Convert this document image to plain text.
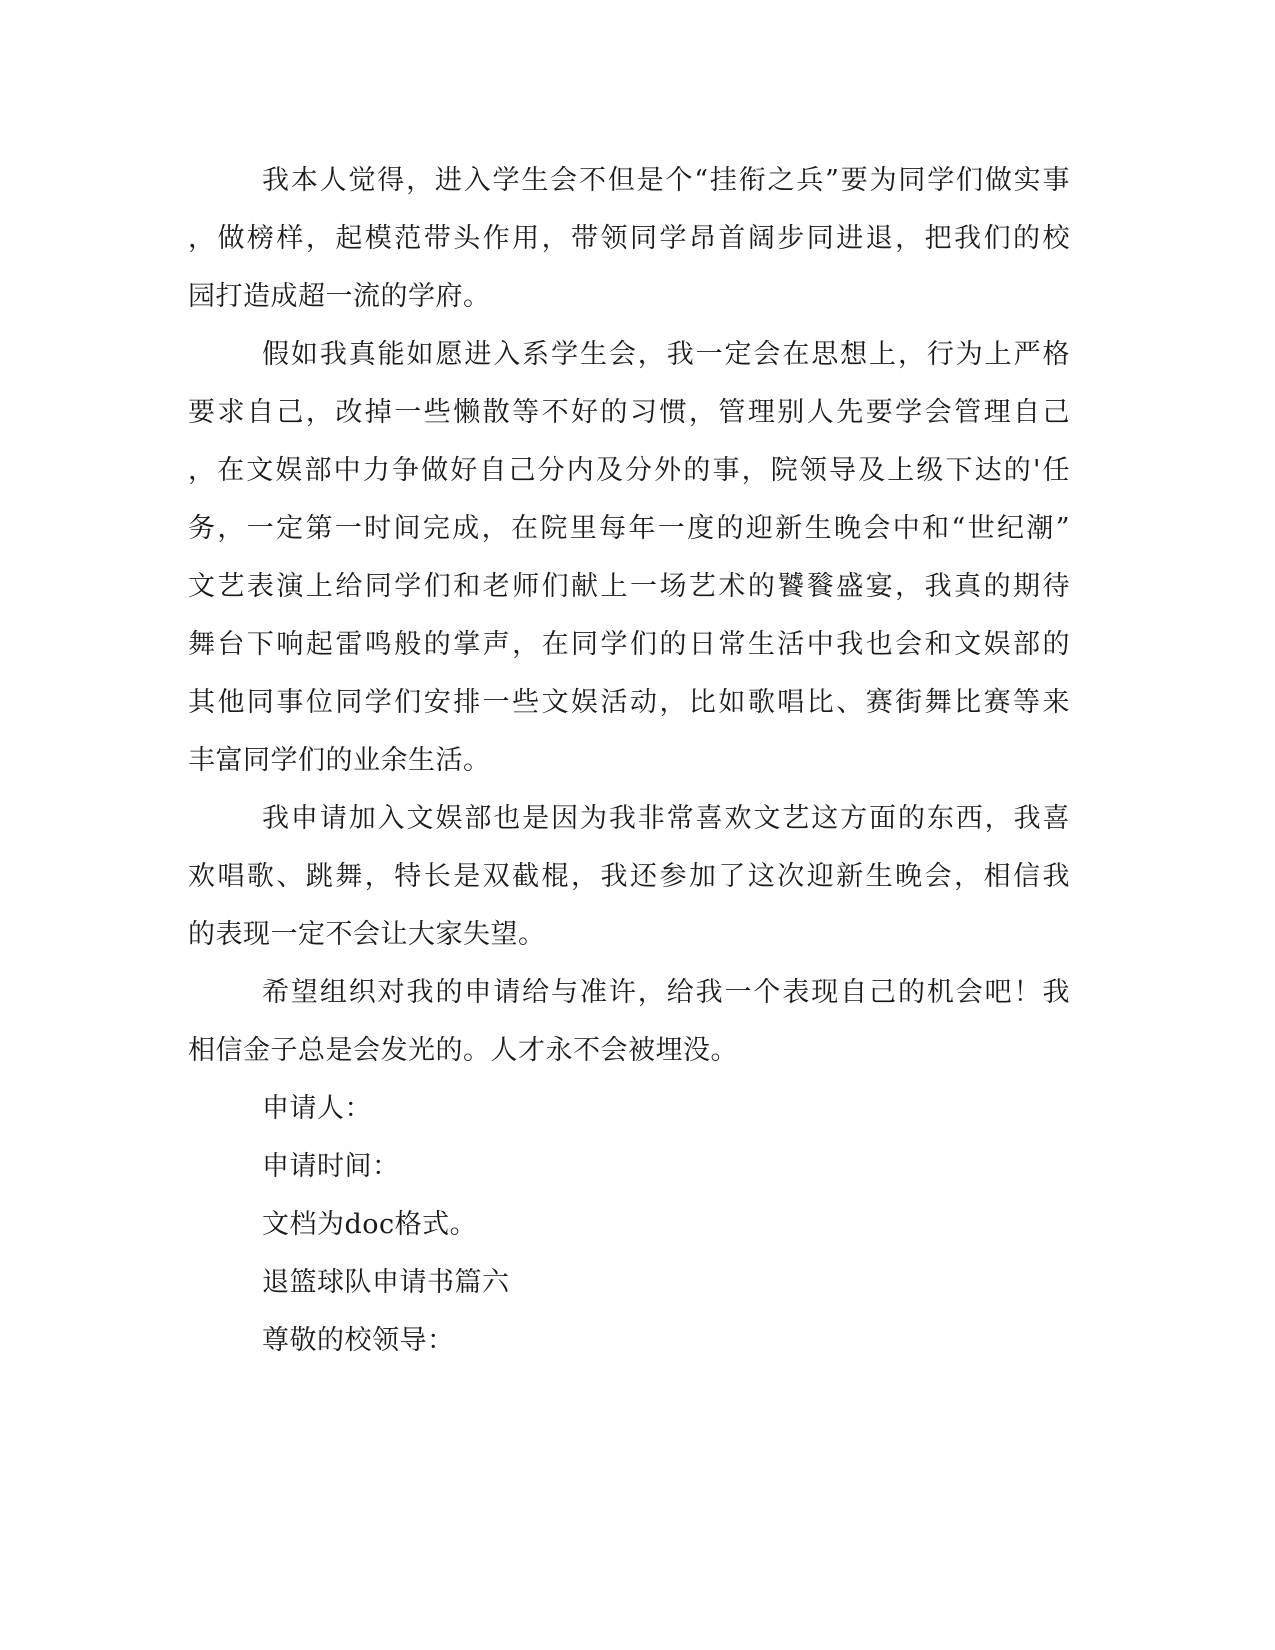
我本人觉得，进入学生会不但是个“挂衔之兵”要为同学们做实事

，做榜样，起模范带头作用，带领同学昂首阔步同进退，把我们的校

园打造成超一流的学府。

假如我真能如愿进入系学生会，我一定会在思想上，行为上严格

要求自己，改掉一些懒散等不好的习惯，管理别人先要学会管理自己

，在文娱部中力争做好自己分内及分外的事，院领导及上级下达的'任

务，一定第一时间完成，在院里每年一度的迎新生晚会中和“世纪潮”

文艺表演上给同学们和老师们献上一场艺术的饕餮盛宴，我真的期待

舞台下响起雷鸣般的掌声，在同学们的日常生活中我也会和文娱部的

其他同事位同学们安排一些文娱活动，比如歌唱比、赛街舞比赛等来

丰富同学们的业余生活。

我申请加入文娱部也是因为我非常喜欢文艺这方面的东西，我喜

欢唱歌、跳舞，特长是双截棍，我还参加了这次迎新生晚会，相信我

的表现一定不会让大家失望。

希望组织对我的申请给与准许，给我一个表现自己的机会吧！我

相信金子总是会发光的。人才永不会被埋没。

申请人：

申请时间：

文档为doc格式。

退篮球队申请书篇六

尊敬的校领导：
